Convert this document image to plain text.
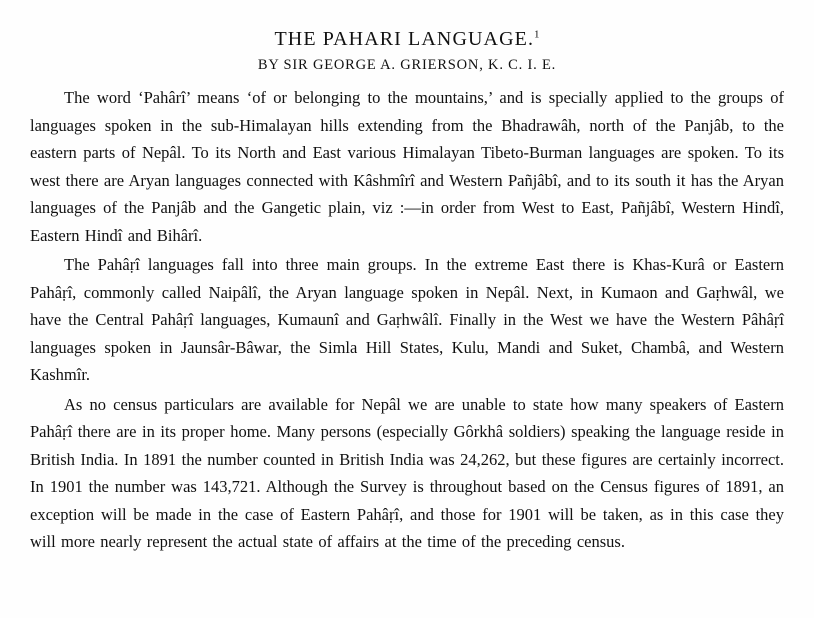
THE PAHARI LANGUAGE.$^1$
BY SIR GEORGE A. GRIERSON, K. C. I. E.

The word ‘Pahârî’ means ‘of or belonging to the mountains,’ and is specially applied to the groups of languages spoken in the sub-Himalayan hills extending from the Bhadrawâh, north of the Panjâb, to the eastern parts of Nepâl. To its North and East various Himalayan Tibeto-Burman languages are spoken. To its west there are Aryan languages connected with Kâshmîrî and Western Pañjâbî, and to its south it has the Aryan languages of the Panjâb and the Gangetic plain, viz :—in order from West to East, Pañjâbî, Western Hindî, Eastern Hindî and Bihârî.

The Pahâṛî languages fall into three main groups. In the extreme East there is Khas-Kurâ or Eastern Pahâṛî, commonly called Naipâlî, the Aryan language spoken in Nepâl. Next, in Kumaon and Gaṛhwâl, we have the Central Pahâṛî languages, Kumaunî and Gaṛhwâlî. Finally in the West we have the Western Pâhâṛî languages spoken in Jaunsâr-Bâwar, the Simla Hill States, Kulu, Mandi and Suket, Chambâ, and Western Kashmîr.

As no census particulars are available for Nepâl we are unable to state how many speakers of Eastern Pahâṛî there are in its proper home. Many persons (especially Gôrkhâ soldiers) speaking the language reside in British India. In 1891 the number counted in British India was 24,262, but these figures are certainly incorrect. In 1901 the number was 143,721. Although the Survey is throughout based on the Census figures of 1891, an exception will be made in the case of Eastern Pahâṛî, and those for 1901 will be taken, as in this case they will more nearly represent the actual state of affairs at the time of the preceding census.
